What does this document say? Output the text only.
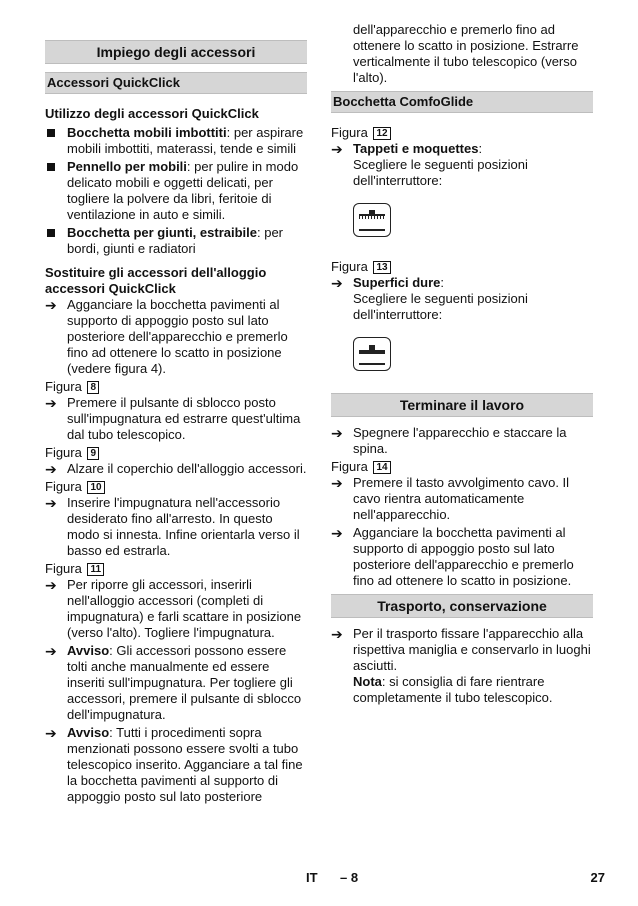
Impiego degli accessori
Accessori QuickClick

Utilizzo degli accessori QuickClick

Bocchetta mobili imbottiti: per aspirare mobili imbottiti, materassi, tende e simili
Pennello per mobili: per pulire in modo delicato mobili e oggetti delicati, per togliere la polvere da libri, feritoie di ventilazione in auto e simili.
Bocchetta per giunti, estraibile: per bordi, giunti e radiatori

Sostituire gli accessori dell'alloggio accessori QuickClick

➔ Agganciare la bocchetta pavimenti al supporto di appoggio posto sul lato posteriore dell'apparecchio e premerlo fino ad ottenere lo scatto in posizione (vedere figura 4).

Figura 8

➔ Premere il pulsante di sblocco posto sull'impugnatura ed estrarre quest'ultima dal tubo telescopico.

Figura 9

➔ Alzare il coperchio dell'alloggio accessori.

Figura 10

➔ Inserire l'impugnatura nell'accessorio desiderato fino all'arresto. In questo modo si innesta. Infine orientarla verso il basso ed estrarla.

Figura 11

➔ Per riporre gli accessori, inserirli nell'alloggio accessori (completi di impugnatura) e farli scattare in posizione (verso l'alto). Togliere l'impugnatura.
➔ Avviso: Gli accessori possono essere tolti anche manualmente ed essere inseriti sull'impugnatura. Per togliere gli accessori, premere il pulsante di sblocco dell'impugnatura.
➔ Avviso: Tutti i procedimenti sopra menzionati possono essere svolti a tubo telescopico inserito. Agganciare a tal fine la bocchetta pavimenti al supporto di appoggio posto sul lato posteriore
dell'apparecchio e premerlo fino ad ottenere lo scatto in posizione. Estrarre verticalmente il tubo telescopico (verso l'alto).
Bocchetta ComfoGlide

Figura 12

➔ Tappeti e moquettes:
Scegliere le seguenti posizioni dell'interruttore:

Figura 13

➔ Superfici dure:
Scegliere le seguenti posizioni dell'interruttore:
Terminare il lavoro
➔ Spegnere l'apparecchio e staccare la spina.

Figura 14

➔ Premere il tasto avvolgimento cavo. Il cavo rientra automaticamente nell'apparecchio.
➔ Agganciare la bocchetta pavimenti al supporto di appoggio posto sul lato posteriore dell'apparecchio e premerlo fino ad ottenere lo scatto in posizione.
Trasporto, conservazione
➔ Per il trasporto fissare l'apparecchio alla rispettiva maniglia e conservarlo in luoghi asciutti.
Nota: si consiglia di fare rientrare completamente il tubo telescopico.
IT – 8	27
